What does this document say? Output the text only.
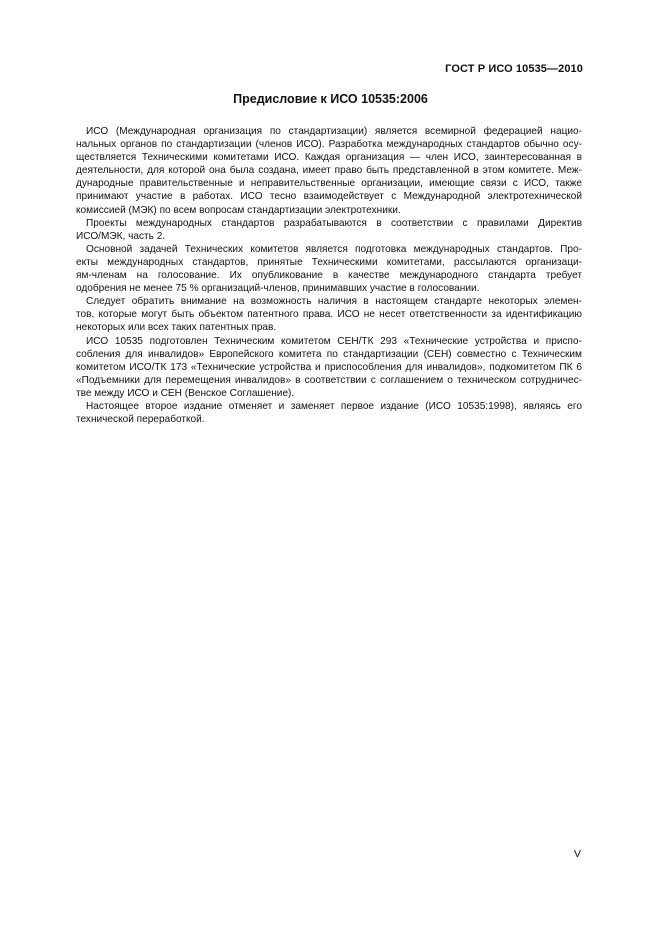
ГОСТ Р ИСО 10535—2010
Предисловие к ИСО 10535:2006
ИСО (Международная организация по стандартизации) является всемирной федерацией нацио-
нальных органов по стандартизации (членов ИСО). Разработка международных стандартов обычно осу-
ществляется Техническими комитетами ИСО. Каждая организация — член ИСО, заинтересованная в
деятельности, для которой она была создана, имеет право быть представленной в этом комитете. Меж-
дународные правительственные и неправительственные организации, имеющие связи с ИСО, также
принимают участие в работах. ИСО тесно взаимодействует с Международной электротехнической
комиссией (МЭК) по всем вопросам стандартизации электротехники.
Проекты международных стандартов разрабатываются в соответствии с правилами Директив
ИСО/МЭК, часть 2.
Основной задачей Технических комитетов является подготовка международных стандартов. Про-
екты международных стандартов, принятые Техническими комитетами, рассылаются организаци-
ям-членам на голосование. Их опубликование в качестве международного стандарта требует
одобрения не менее 75 % организаций-членов, принимавших участие в голосовании.
Следует обратить внимание на возможность наличия в настоящем стандарте некоторых элемен-
тов, которые могут быть объектом патентного права. ИСО не несет ответственности за идентификацию
некоторых или всех таких патентных прав.
ИСО 10535 подготовлен Техническим комитетом СЕН/ТК 293 «Технические устройства и приспо-
собления для инвалидов» Европейского комитета по стандартизации (СЕН) совместно с Техническим
комитетом ИСО/ТК 173 «Технические устройства и приспособления для инвалидов», подкомитетом ПК 6
«Подъемники для перемещения инвалидов» в соответствии с соглашением о техническом сотрудничес-
тве между ИСО и СЕН (Венское Соглашение).
Настоящее второе издание отменяет и заменяет первое издание (ИСО 10535:1998), являясь его
технической переработкой.
V
